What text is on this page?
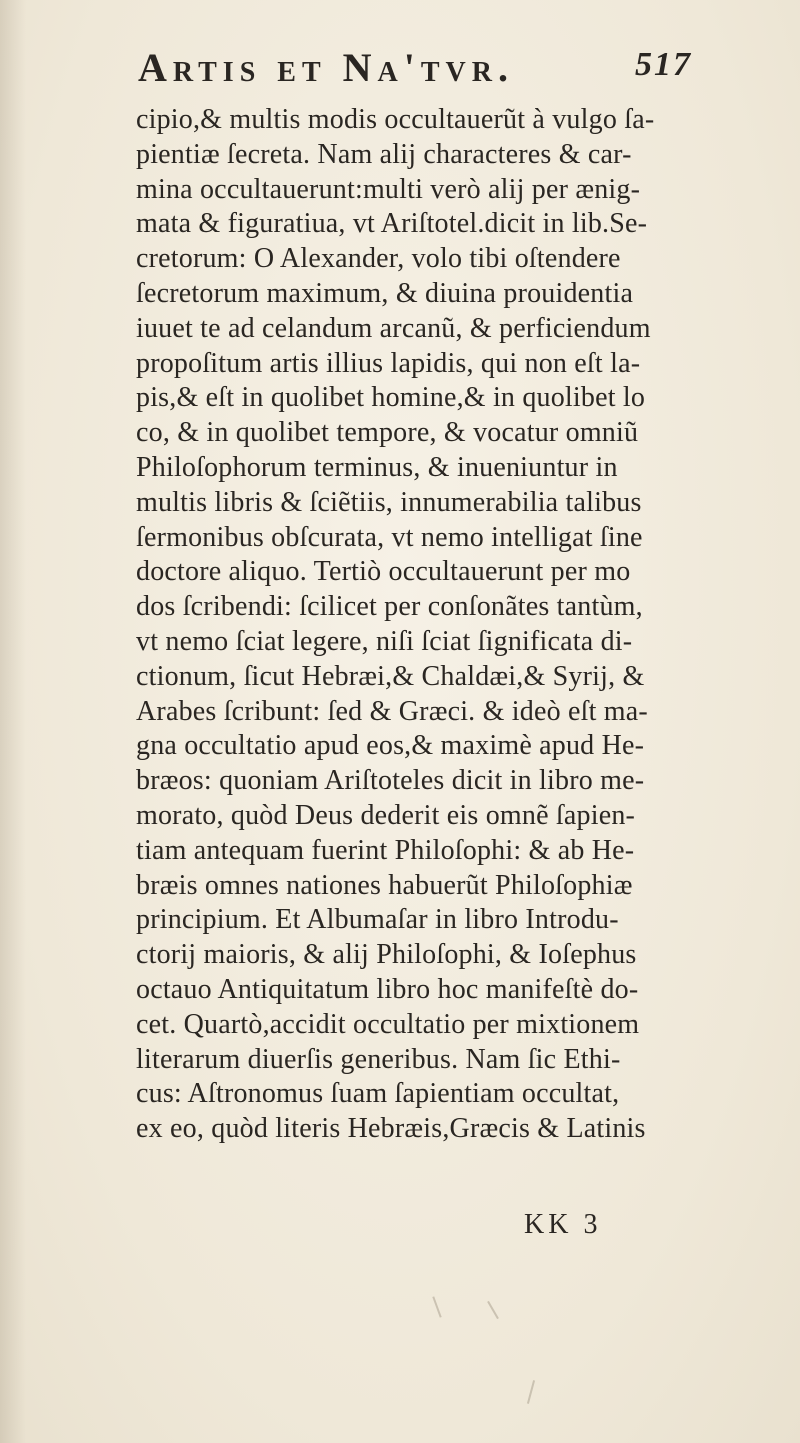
Artis et Na'tvr.	517
cipio,& multis modis occultauerũt à vulgo ſa-
pientiæ ſecreta. Nam alij characteres & car-
mina occultauerunt:multi verò alij per ænig-
mata & figuratiua, vt Ariſtotel.dicit in lib.Se-
cretorum: O Alexander, volo tibi oſtendere
ſecretorum maximum, & diuina prouidentia
iuuet te ad celandum arcanũ, & perficiendum
propoſitum artis illius lapidis, qui non eſt la-
pis,& eſt in quolibet homine,& in quolibet lo
co, & in quolibet tempore, & vocatur omniũ
Philoſophorum terminus, & inueniuntur in
multis libris & ſciẽtiis, innumerabilia talibus
ſermonibus obſcurata, vt nemo intelligat ſine
doctore aliquo. Tertiò occultauerunt per mo
dos ſcribendi: ſcilicet per conſonãtes tantùm,
vt nemo ſciat legere, niſi ſciat ſignificata di-
ctionum, ſicut Hebræi,& Chaldæi,& Syrij, &
Arabes ſcribunt: ſed & Græci. & ideò eſt ma-
gna occultatio apud eos,& maximè apud He-
bræos: quoniam Ariſtoteles dicit in libro me-
morato, quòd Deus dederit eis omnẽ ſapien-
tiam antequam fuerint Philoſophi: & ab He-
bræis omnes nationes habuerũt Philoſophiæ
principium. Et Albumaſar in libro Introdu-
ctorij maioris, & alij Philoſophi, & Ioſephus
octauo Antiquitatum libro hoc manifeſtè do-
cet. Quartò,accidit occultatio per mixtionem
literarum diuerſis generibus. Nam ſic Ethi-
cus: Aſtronomus ſuam ſapientiam occultat,
ex eo, quòd literis Hebræis,Græcis & Latinis
KK 3
